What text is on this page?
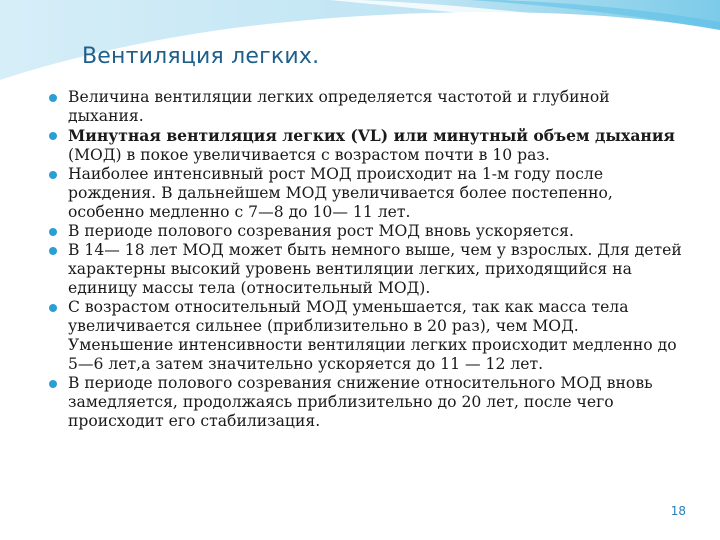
Вентиляция легких.
Величина вентиляции легких определяется частотой и глубиной дыхания.
Минутная вентиляция легких (VL) или минутный объем дыхания (МОД) в покое увеличивается с возрастом почти в 10 раз.
Наиболее интенсивный рост МОД происходит на 1-м году после рождения. В дальнейшем МОД увеличивается более постепенно, особенно медленно с 7—8 до 10— 11 лет.
В периоде полового созревания рост МОД вновь ускоряется.
В 14— 18 лет МОД может быть немного выше, чем у взрослых. Для детей характерны высокий уровень вентиляции легких, приходящийся на единицу массы тела (относительный МОД).
С возрастом относительный МОД уменьшается, так как масса тела увеличивается сильнее (приблизительно в 20 раз), чем МОД. Уменьшение интенсивности вентиляции легких происходит медленно до 5—6 лет,а затем значительно ускоряется до 11 — 12 лет.
В периоде полового созревания снижение относительного МОД вновь замедляется, продолжаясь приблизительно до 20 лет, после чего происходит его стабилизация.
18
